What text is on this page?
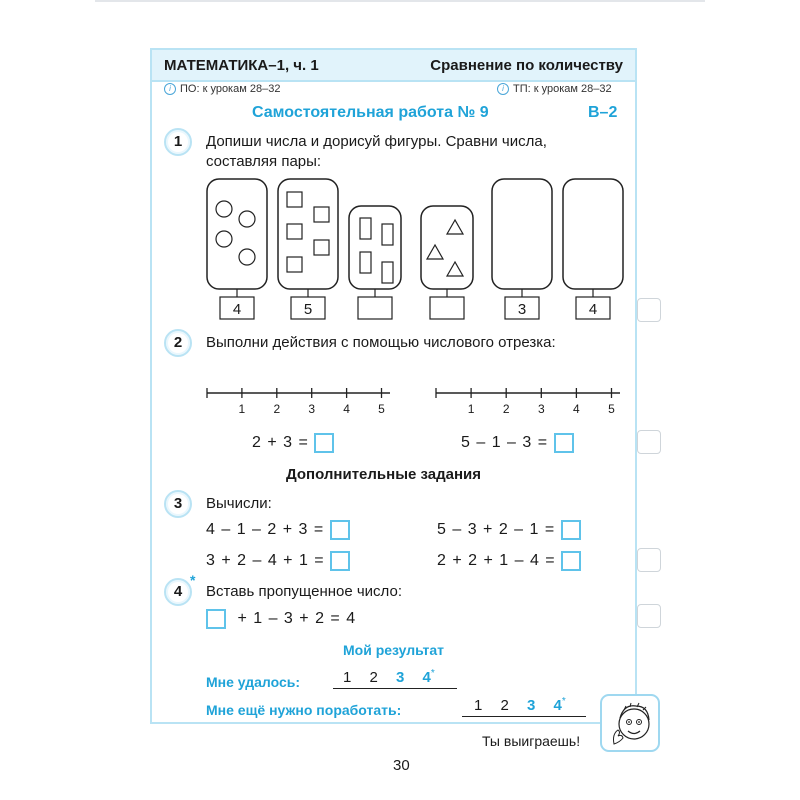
МАТЕМАТИКА–1, ч. 1	Сравнение по количеству
i ПО: к урокам 28–32	i ТП: к урокам 28–32
Самостоятельная работа № 9	В–2
1	Допиши числа и дорисуй фигуры. Сравни числа,
составляя пары:
4	5	3	4
2	Выполни действия с помощью числового отрезка:
1 2 3 4 5	1 2 3 4 5
2 + 3 =	5 – 1 – 3 =
Дополнительные задания
3	Вычисли:
4 – 1 – 2 + 3 =	5 – 3 + 2 – 1 =
3 + 2 – 4 + 1 =	2 + 2 + 1 – 4 =
4
*
Вставь пропущенное число:
+ 1 – 3 + 2 = 4
Мой результат
Мне удалось:	1 2 3 4*
Мне ещё нужно поработать:	1 2 3 4*
Ты выиграешь!
30
